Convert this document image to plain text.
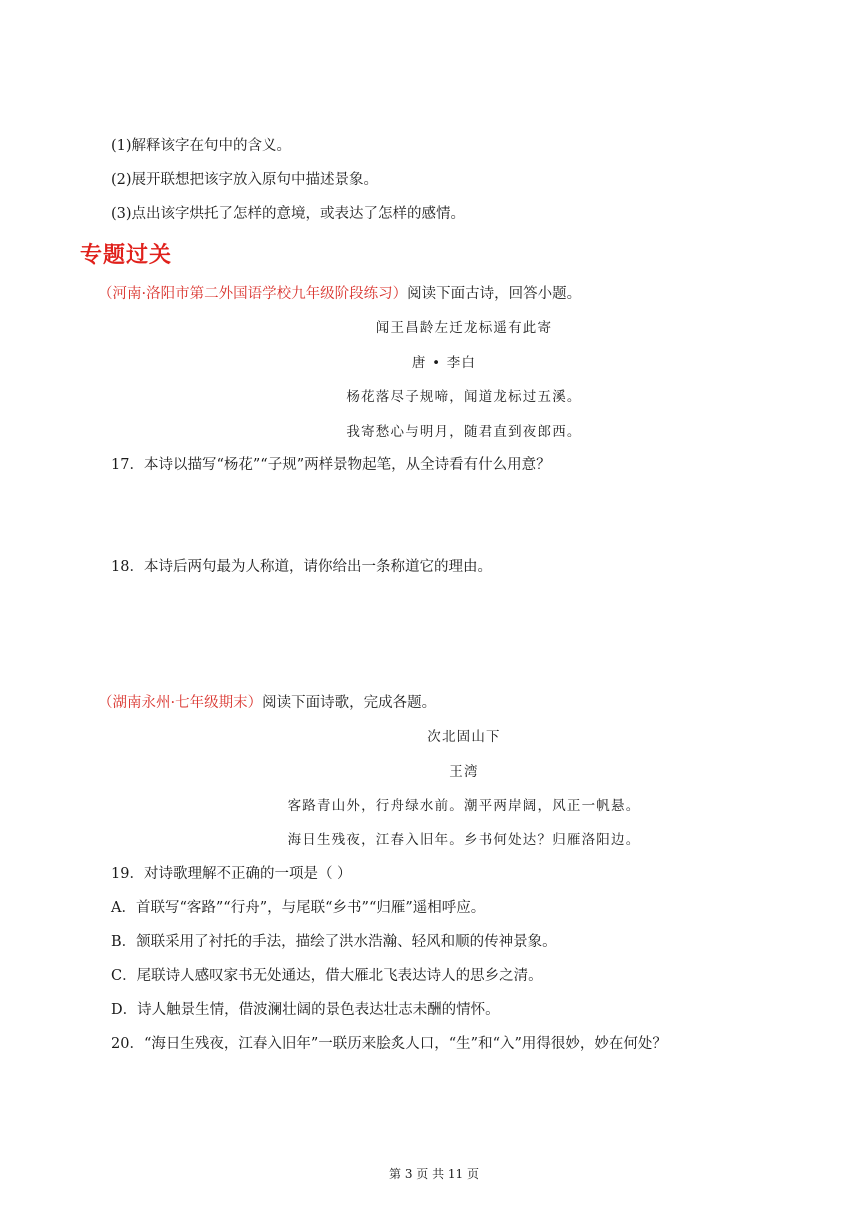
(1)解释该字在句中的含义。
(2)展开联想把该字放入原句中描述景象。
(3)点出该字烘托了怎样的意境，或表达了怎样的感情。
专题过关
（河南·洛阳市第二外国语学校九年级阶段练习）阅读下面古诗，回答小题。
闻王昌龄左迁龙标遥有此寄
唐 • 李白
杨花落尽子规啼，闻道龙标过五溪。
我寄愁心与明月，随君直到夜郎西。
17．本诗以描写“杨花”“子规”两样景物起笔，从全诗看有什么用意？
18．本诗后两句最为人称道，请你给出一条称道它的理由。
（湖南永州·七年级期末）阅读下面诗歌，完成各题。
次北固山下
王湾
客路青山外，行舟绿水前。潮平两岸阔，风正一帆悬。
海日生残夜，江春入旧年。乡书何处达？归雁洛阳边。
19．对诗歌理解不正确的一项是（ ）
A．首联写“客路”“行舟”，与尾联“乡书”“归雁”遥相呼应。
B．颔联采用了衬托的手法，描绘了洪水浩瀚、轻风和顺的传神景象。
C．尾联诗人感叹家书无处通达，借大雁北飞表达诗人的思乡之清。
D．诗人触景生情，借波澜壮阔的景色表达壮志未酬的情怀。
20．“海日生残夜，江春入旧年”一联历来脍炙人口，“生”和“入”用得很妙，妙在何处？
第 3 页 共 11 页
